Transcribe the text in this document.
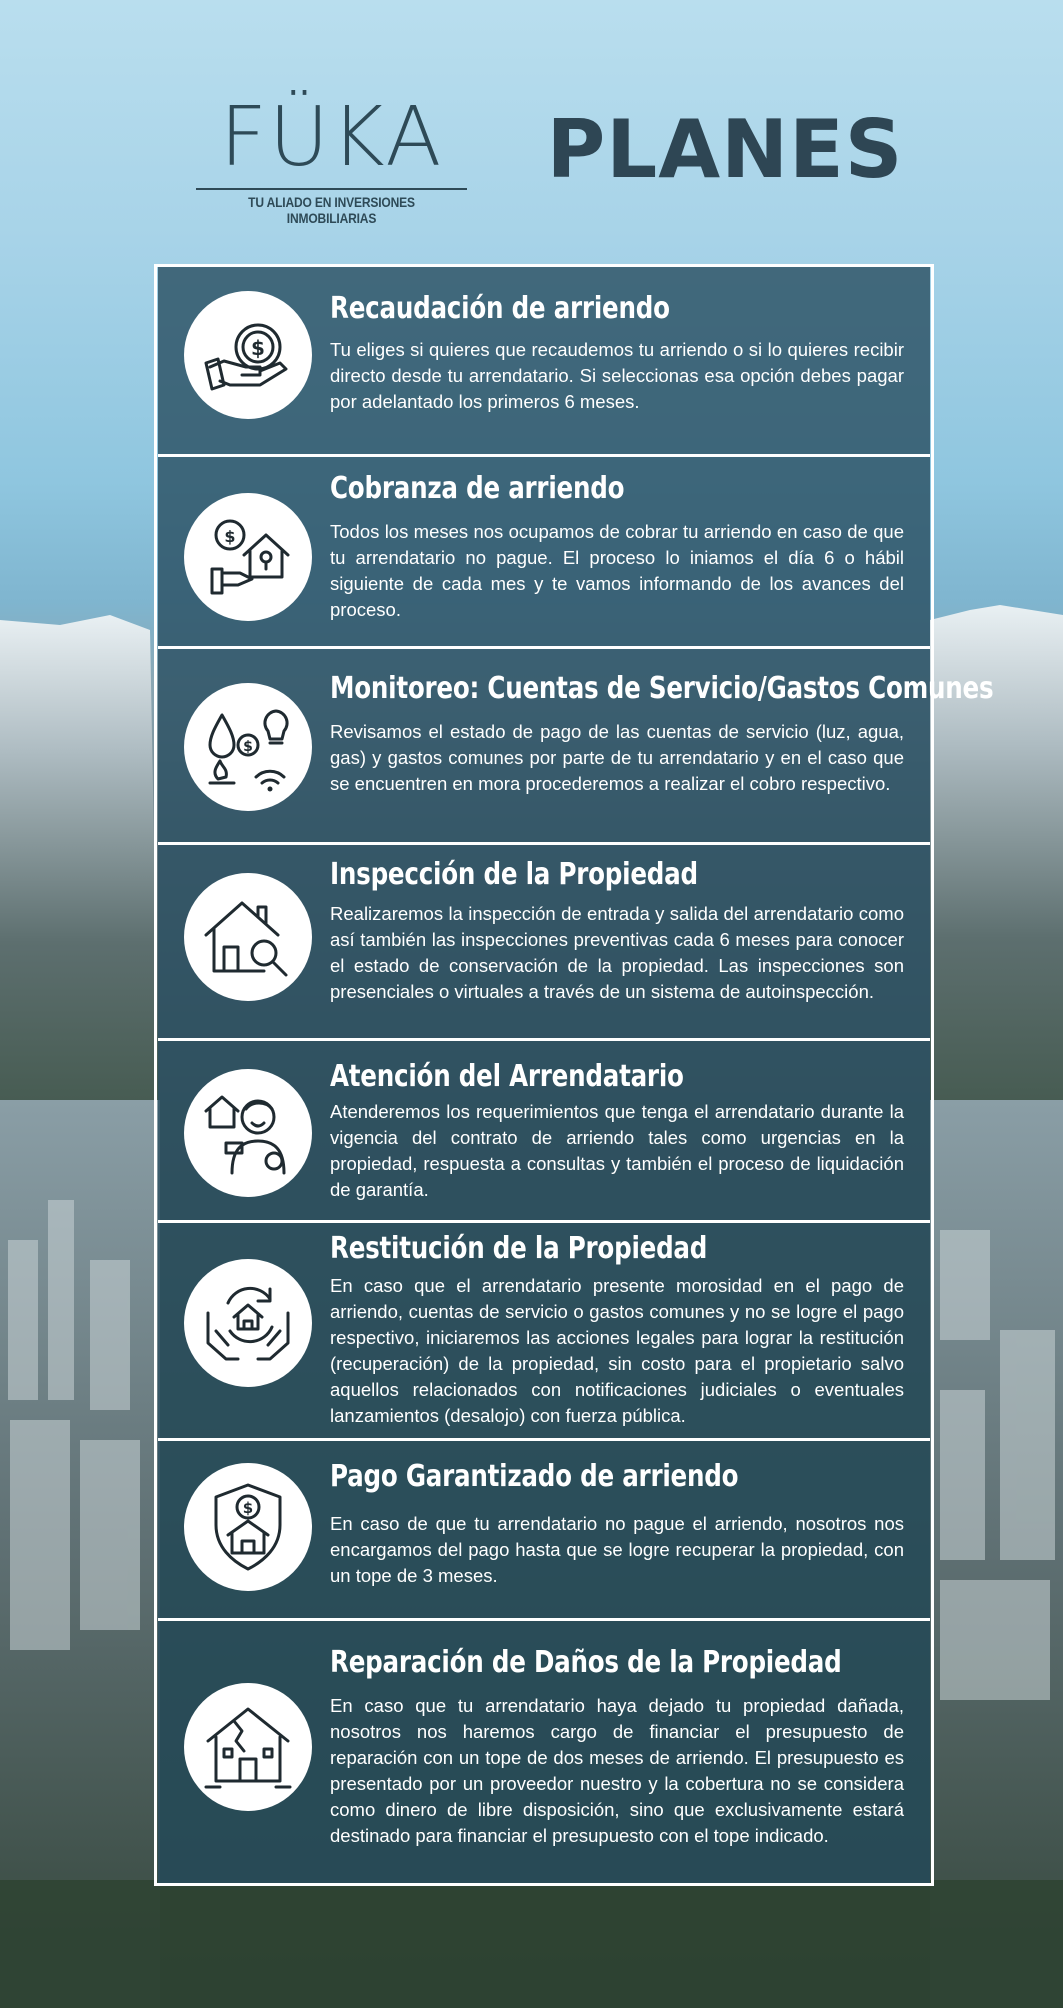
FÜKA
TU ALIADO EN INVERSIONES INMOBILIARIAS
PLANES
$
Recaudación de arriendo
Tu eliges si quieres que recaudemos tu arriendo o si lo quieres recibir directo desde tu arrendatario. Si seleccionas esa opción debes pagar por adelantado los primeros 6 meses.
$
Cobranza de arriendo
Todos los meses nos ocupamos de cobrar tu arriendo en caso de que tu arrendatario no pague. El proceso lo iniamos el día 6 o hábil siguiente de cada mes y te vamos informando de los avances del proceso.
$
Monitoreo: Cuentas de Servicio/Gastos Comunes
Revisamos el estado de pago de las cuentas de servicio (luz, agua, gas) y gastos comunes por parte de tu arrendatario y en el caso que se encuentren en mora procederemos a realizar el cobro respectivo.
Inspección de la Propiedad
Realizaremos la inspección de entrada y salida del arrendatario como así también las inspecciones preventivas cada 6 meses para conocer el estado de conservación de la propiedad. Las inspecciones son presenciales o virtuales a través de un sistema de autoinspección.
Atención del Arrendatario
Atenderemos los requerimientos que tenga el arrendatario durante la vigencia del contrato de arriendo tales como urgencias en la propiedad, respuesta a consultas y también el proceso de liquidación de garantía.
Restitución de la Propiedad
En caso que el arrendatario presente morosidad en el pago de arriendo, cuentas de servicio o gastos comunes y no se logre el pago respectivo, iniciaremos las acciones legales para lograr la restitución (recuperación) de la propiedad, sin costo para el propietario salvo aquellos relacionados con notificaciones judiciales o eventuales lanzamientos (desalojo) con fuerza pública.
$
Pago Garantizado de arriendo
En caso de que tu arrendatario no pague el arriendo, nosotros nos encargamos del pago hasta que se logre recuperar la propiedad, con un tope de 3 meses.
Reparación de Daños de la Propiedad
En caso que tu arrendatario haya dejado tu propiedad dañada, nosotros nos haremos cargo de financiar el presupuesto de reparación con un tope de dos meses de arriendo. El presupuesto es presentado por un proveedor nuestro y la cobertura no se considera como dinero de libre disposición, sino que exclusivamente estará destinado para financiar el presupuesto con el tope indicado.
